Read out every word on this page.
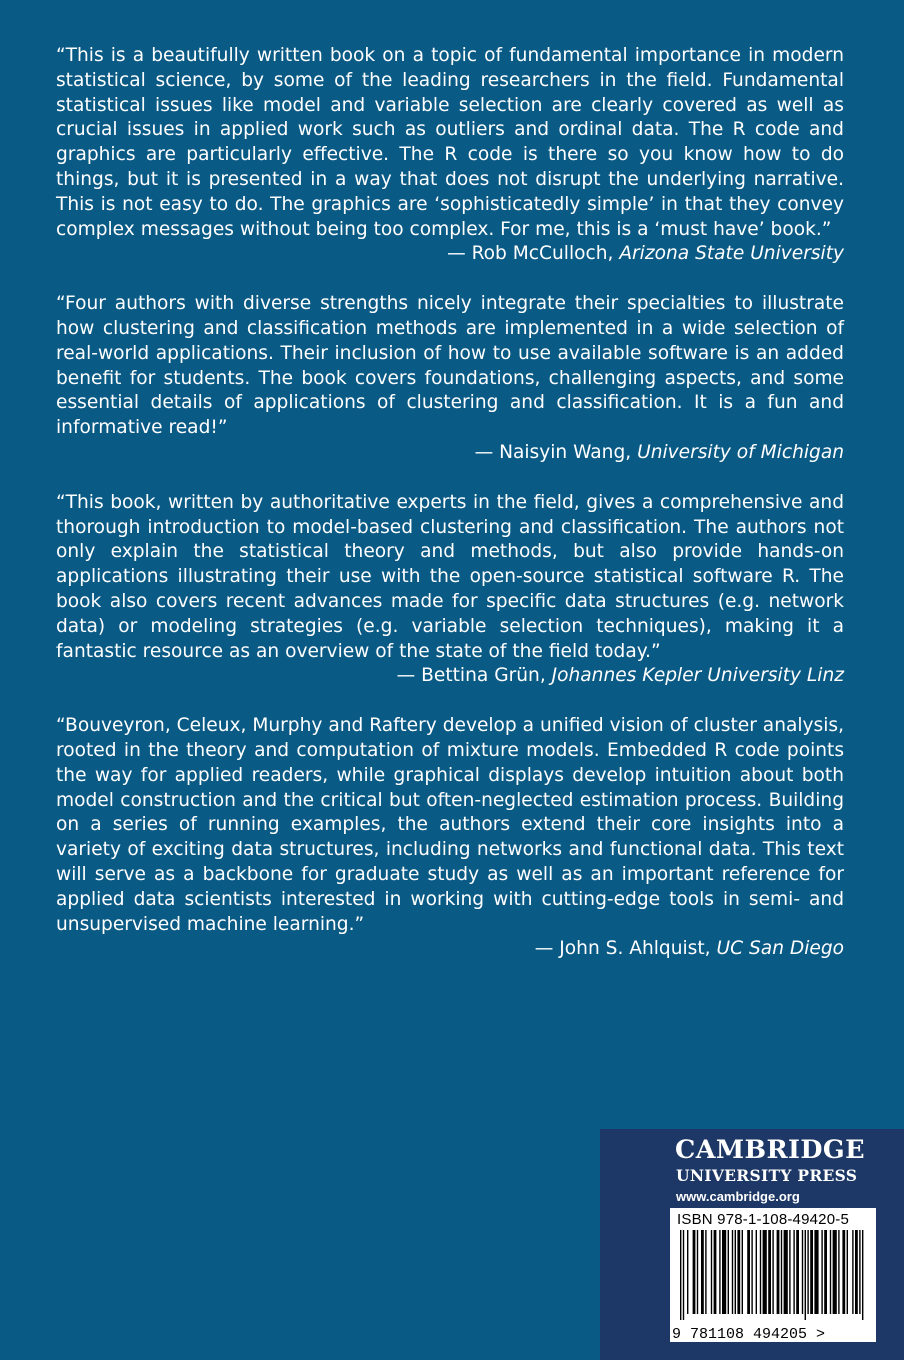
“This is a beautifully written book on a topic of fundamental importance in modern statistical science, by some of the leading researchers in the field. Fundamental statistical issues like model and variable selection are clearly covered as well as crucial issues in applied work such as outliers and ordinal data. The R code and graphics are particularly effective. The R code is there so you know how to do things, but it is presented in a way that does not disrupt the underlying narrative. This is not easy to do. The graphics are ‘sophisticatedly simple’ in that they convey complex messages without being too complex. For me, this is a ‘must have’ book.”

— Rob McCulloch, Arizona State University

“Four authors with diverse strengths nicely integrate their specialties to illustrate how clustering and classification methods are implemented in a wide selection of real-world applications. Their inclusion of how to use available software is an added benefit for students. The book covers foundations, challenging aspects, and some essential details of applications of clustering and classification. It is a fun and informative read!”

— Naisyin Wang, University of Michigan

“This book, written by authoritative experts in the field, gives a comprehensive and thorough introduction to model-based clustering and classification. The authors not only explain the statistical theory and methods, but also provide hands-on applications illustrating their use with the open-source statistical software R. The book also covers recent advances made for specific data structures (e.g. network data) or modeling strategies (e.g. variable selection techniques), making it a fantastic resource as an overview of the state of the field today.”

— Bettina Grün, Johannes Kepler University Linz

“Bouveyron, Celeux, Murphy and Raftery develop a unified vision of cluster analysis, rooted in the theory and computation of mixture models. Embedded R code points the way for applied readers, while graphical displays develop intuition about both model construction and the critical but often-neglected estimation process. Building on a series of running examples, the authors extend their core insights into a variety of exciting data structures, including networks and functional data. This text will serve as a backbone for graduate study as well as an important reference for applied data scientists interested in working with cutting-edge tools in semi- and unsupervised machine learning.”

— John S. Ahlquist, UC San Diego

CAMBRIDGE
UNIVERSITY PRESS
www.cambridge.org
ISBN 978-1-108-49420-5
9 781108 494205 >
